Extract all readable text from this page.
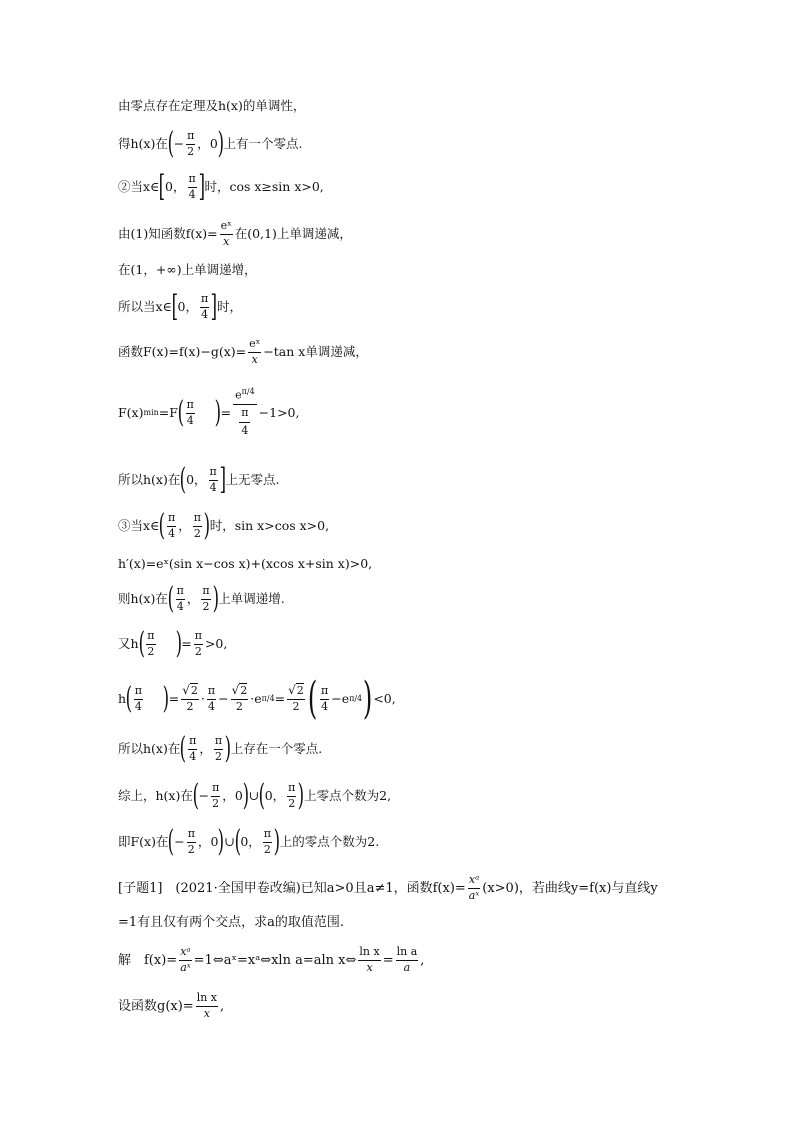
由零点存在定理及h(x)的单调性，
得h(x)在 ( − $\frac{\pi}{2}$ ， 0 ) 上有一个零点.
②当x∈ [ 0 ，
π
4 ] 时，cos x≥sin x>0,
由(1)知函数$f(x)= \frac{\text{eˣ}}{x}$ 在(0,1)上单调递减，
在(1，+∞)上单调递增，
所以当x∈ [ 0 ，
π
4 ] 时，
函数$F(x)=f(x)-g(x)= \frac{\text{eˣ}}{x} -\tan$ x单调递减，
F(x) min =F ( π
4 ) = $e^{\pi/4}$
π
4 −1>0,
所以h(x)在 ( 0 ，
π
4 ] 上无零点.
③当x∈ ( π
4
，
π
2 ) 时，sin x>cos x>0,
h′(x)=eˣ(sin x−cos x)+(xcos x+sin x)>0,
则h(x)在 ( π
4
，
π
2 ) 上单调递增.
又h ( π
2 ) = $\frac{\pi}{2} >0$,
h ( π
4 ) = $\frac{√2}{2}$ ·
π
4
− $\frac{√2}{2} \cdot e$ $\pi/4 = \frac{√2}{2}$ ( π
4
− e π/4 ) <0,
所以h(x)在 ( π
4
，
π
2 ) 上存在一个零点.
综上，h(x)在 ( − $\frac{\pi}{2}$ ， 0 ) ∪ ( 0 ，
π
2 ) 上零点个数为2,
即F(x)在 ( − $\frac{\pi}{2}$ ， 0 ) ∪ ( 0 ，
π
2 ) 上的零点个数为2.
[子题1]　(2021·全国甲卷改编)已知a>0且a≠1，函数$f(x)= \frac{\text{xᵃ}}{\text{aˣ}} (x>0)$，若曲线y=f(x)与直线y
=1有且仅有两个交点，求a的取值范围.
解　$f(x)= \frac{\text{xᵃ}}{\text{aˣ}}$ =1⇔aˣ=xᵃ⇔xln a=aln x⇔ $\frac{\text{ln x}}{x} = \frac{\text{ln a}}{a}$ ,
设函数$g(x)= \frac{\text{ln x}}{x}$ ,
